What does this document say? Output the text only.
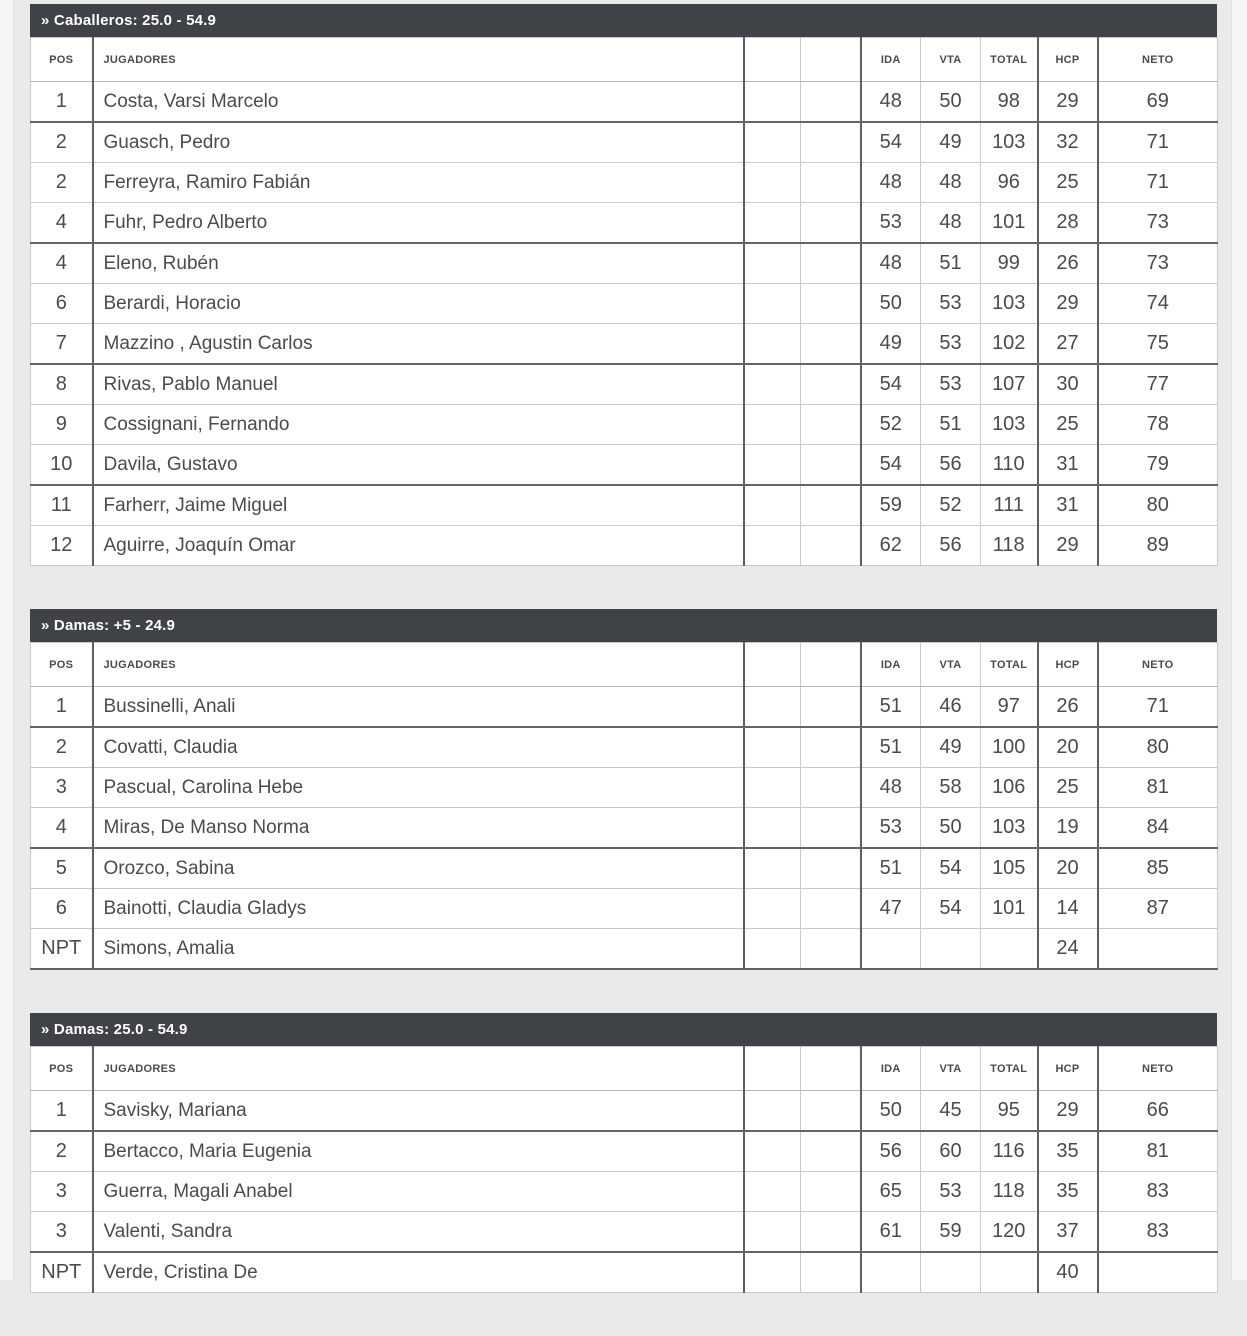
» Caballeros: 25.0 - 54.9
POS	JUGADORES			IDA	VTA	TOTAL	HCP	NETO
1	Costa, Varsi Marcelo			48	50	98	29	69
2	Guasch, Pedro			54	49	103	32	71
2	Ferreyra, Ramiro Fabián			48	48	96	25	71
4	Fuhr, Pedro Alberto			53	48	101	28	73
4	Eleno, Rubén			48	51	99	26	73
6	Berardi, Horacio			50	53	103	29	74
7	Mazzino , Agustin Carlos			49	53	102	27	75
8	Rivas, Pablo Manuel			54	53	107	30	77
9	Cossignani, Fernando			52	51	103	25	78
10	Davila, Gustavo			54	56	110	31	79
11	Farherr, Jaime Miguel			59	52	111	31	80
12	Aguirre, Joaquín Omar			62	56	118	29	89
» Damas: +5 - 24.9
POS	JUGADORES			IDA	VTA	TOTAL	HCP	NETO
1	Bussinelli, Anali			51	46	97	26	71
2	Covatti, Claudia			51	49	100	20	80
3	Pascual, Carolina Hebe			48	58	106	25	81
4	Miras, De Manso Norma			53	50	103	19	84
5	Orozco, Sabina			51	54	105	20	85
6	Bainotti, Claudia Gladys			47	54	101	14	87
NPT	Simons, Amalia						24	
» Damas: 25.0 - 54.9
POS	JUGADORES			IDA	VTA	TOTAL	HCP	NETO
1	Savisky, Mariana			50	45	95	29	66
2	Bertacco, Maria Eugenia			56	60	116	35	81
3	Guerra, Magali Anabel			65	53	118	35	83
3	Valenti, Sandra			61	59	120	37	83
NPT	Verde, Cristina De						40	
